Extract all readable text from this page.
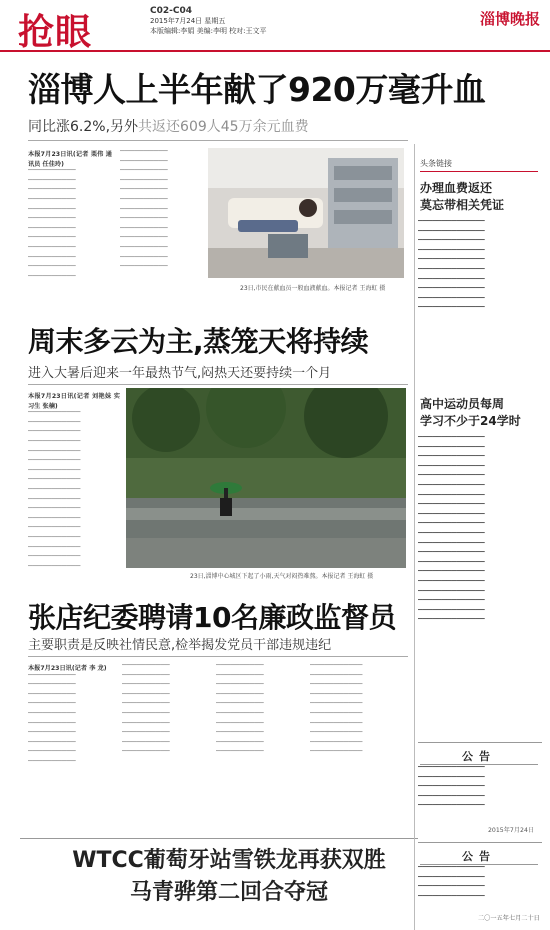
抢眼	C02-C04
2015年7月24日 星期五
本版编辑:李娟 美编:李明 校对:王文平
淄博晚报
淄博人上半年献了920万毫升血
同比涨6.2%,另外共返还609人45万余元血费
本报7月23日讯(记者 栗伟 通讯员 任佳玲)
▔▔▔▔▔▔▔▔▔▔ ▔▔▔▔▔▔▔▔▔▔ ▔▔▔▔▔▔▔▔▔▔ ▔▔▔▔▔▔▔▔▔▔ ▔▔▔▔▔▔▔▔▔▔ ▔▔▔▔▔▔▔▔▔▔ ▔▔▔▔▔▔▔▔▔▔ ▔▔▔▔▔▔▔▔▔▔ ▔▔▔▔▔▔▔▔▔▔ ▔▔▔▔▔▔▔▔▔▔ ▔▔▔▔▔▔▔▔▔▔ ▔▔▔▔▔▔▔▔▔▔
▔▔▔▔▔▔▔▔▔▔ ▔▔▔▔▔▔▔▔▔▔ ▔▔▔▔▔▔▔▔▔▔ ▔▔▔▔▔▔▔▔▔▔ ▔▔▔▔▔▔▔▔▔▔ ▔▔▔▔▔▔▔▔▔▔ ▔▔▔▔▔▔▔▔▔▔ ▔▔▔▔▔▔▔▔▔▔ ▔▔▔▔▔▔▔▔▔▔ ▔▔▔▔▔▔▔▔▔▔ ▔▔▔▔▔▔▔▔▔▔ ▔▔▔▔▔▔▔▔▔▔ ▔▔▔▔▔▔▔▔▔▔
23日,市民在献血员一般血液献血。本报记者 王海虹 摄
周末多云为主,蒸笼天将持续
进入大暑后迎来一年最热节气,闷热天还要持续一个月
本报7月23日讯(记者 刘艳妹 实习生 张楠)
▔▔▔▔▔▔▔▔▔▔▔ ▔▔▔▔▔▔▔▔▔▔▔ ▔▔▔▔▔▔▔▔▔▔▔ ▔▔▔▔▔▔▔▔▔▔▔ ▔▔▔▔▔▔▔▔▔▔▔ ▔▔▔▔▔▔▔▔▔▔▔ ▔▔▔▔▔▔▔▔▔▔▔ ▔▔▔▔▔▔▔▔▔▔▔ ▔▔▔▔▔▔▔▔▔▔▔ ▔▔▔▔▔▔▔▔▔▔▔ ▔▔▔▔▔▔▔▔▔▔▔ ▔▔▔▔▔▔▔▔▔▔▔ ▔▔▔▔▔▔▔▔▔▔▔ ▔▔▔▔▔▔▔▔▔▔▔ ▔▔▔▔▔▔▔▔▔▔▔ ▔▔▔▔▔▔▔▔▔▔▔ ▔▔▔▔▔▔▔▔▔▔▔
23日,淄博中心城区下起了小雨,天气对闷热难熬。本报记者 王海虹 摄
张店纪委聘请10名廉政监督员
主要职责是反映社情民意,检举揭发党员干部违规违纪
本报7月23日讯(记者 李 龙)
▔▔▔▔▔▔▔▔▔▔ ▔▔▔▔▔▔▔▔▔▔ ▔▔▔▔▔▔▔▔▔▔ ▔▔▔▔▔▔▔▔▔▔ ▔▔▔▔▔▔▔▔▔▔ ▔▔▔▔▔▔▔▔▔▔ ▔▔▔▔▔▔▔▔▔▔ ▔▔▔▔▔▔▔▔▔▔ ▔▔▔▔▔▔▔▔▔▔ ▔▔▔▔▔▔▔▔▔▔
▔▔▔▔▔▔▔▔▔▔ ▔▔▔▔▔▔▔▔▔▔ ▔▔▔▔▔▔▔▔▔▔ ▔▔▔▔▔▔▔▔▔▔ ▔▔▔▔▔▔▔▔▔▔ ▔▔▔▔▔▔▔▔▔▔ ▔▔▔▔▔▔▔▔▔▔ ▔▔▔▔▔▔▔▔▔▔ ▔▔▔▔▔▔▔▔▔▔ ▔▔▔▔▔▔▔▔▔▔
▔▔▔▔▔▔▔▔▔▔ ▔▔▔▔▔▔▔▔▔▔ ▔▔▔▔▔▔▔▔▔▔ ▔▔▔▔▔▔▔▔▔▔ ▔▔▔▔▔▔▔▔▔▔ ▔▔▔▔▔▔▔▔▔▔ ▔▔▔▔▔▔▔▔▔▔ ▔▔▔▔▔▔▔▔▔▔ ▔▔▔▔▔▔▔▔▔▔ ▔▔▔▔▔▔▔▔▔▔
▔▔▔▔▔▔▔▔▔▔▔ ▔▔▔▔▔▔▔▔▔▔▔ ▔▔▔▔▔▔▔▔▔▔▔ ▔▔▔▔▔▔▔▔▔▔▔ ▔▔▔▔▔▔▔▔▔▔▔ ▔▔▔▔▔▔▔▔▔▔▔ ▔▔▔▔▔▔▔▔▔▔▔ ▔▔▔▔▔▔▔▔▔▔▔ ▔▔▔▔▔▔▔▔▔▔▔ ▔▔▔▔▔▔▔▔▔▔▔
WTCC葡萄牙站雪铁龙再获双胜
马青骅第二回合夺冠
头条链接
办理血费返还
莫忘带相关凭证
▔▔▔▔▔▔▔▔▔▔▔▔▔▔ ▔▔▔▔▔▔▔▔▔▔▔▔▔▔ ▔▔▔▔▔▔▔▔▔▔▔▔▔▔ ▔▔▔▔▔▔▔▔▔▔▔▔▔▔ ▔▔▔▔▔▔▔▔▔▔▔▔▔▔ ▔▔▔▔▔▔▔▔▔▔▔▔▔▔ ▔▔▔▔▔▔▔▔▔▔▔▔▔▔ ▔▔▔▔▔▔▔▔▔▔▔▔▔▔ ▔▔▔▔▔▔▔▔▔▔▔▔▔▔ ▔▔▔▔▔▔▔▔▔▔▔▔▔▔
高中运动员每周
学习不少于24学时
▔▔▔▔▔▔▔▔▔▔▔▔▔▔ ▔▔▔▔▔▔▔▔▔▔▔▔▔▔ ▔▔▔▔▔▔▔▔▔▔▔▔▔▔ ▔▔▔▔▔▔▔▔▔▔▔▔▔▔ ▔▔▔▔▔▔▔▔▔▔▔▔▔▔ ▔▔▔▔▔▔▔▔▔▔▔▔▔▔ ▔▔▔▔▔▔▔▔▔▔▔▔▔▔ ▔▔▔▔▔▔▔▔▔▔▔▔▔▔ ▔▔▔▔▔▔▔▔▔▔▔▔▔▔ ▔▔▔▔▔▔▔▔▔▔▔▔▔▔ ▔▔▔▔▔▔▔▔▔▔▔▔▔▔ ▔▔▔▔▔▔▔▔▔▔▔▔▔▔ ▔▔▔▔▔▔▔▔▔▔▔▔▔▔ ▔▔▔▔▔▔▔▔▔▔▔▔▔▔ ▔▔▔▔▔▔▔▔▔▔▔▔▔▔ ▔▔▔▔▔▔▔▔▔▔▔▔▔▔ ▔▔▔▔▔▔▔▔▔▔▔▔▔▔ ▔▔▔▔▔▔▔▔▔▔▔▔▔▔ ▔▔▔▔▔▔▔▔▔▔▔▔▔▔ ▔▔▔▔▔▔▔▔▔▔▔▔▔▔
公告
▔▔▔▔▔▔▔▔▔▔▔▔▔▔ ▔▔▔▔▔▔▔▔▔▔▔▔▔▔ ▔▔▔▔▔▔▔▔▔▔▔▔▔▔ ▔▔▔▔▔▔▔▔▔▔▔▔▔▔ ▔▔▔▔▔▔▔▔▔▔▔▔▔▔
2015年7月24日
公告
▔▔▔▔▔▔▔▔▔▔▔▔▔▔ ▔▔▔▔▔▔▔▔▔▔▔▔▔▔ ▔▔▔▔▔▔▔▔▔▔▔▔▔▔ ▔▔▔▔▔▔▔▔▔▔▔▔▔▔
二〇一五年七月二十日
